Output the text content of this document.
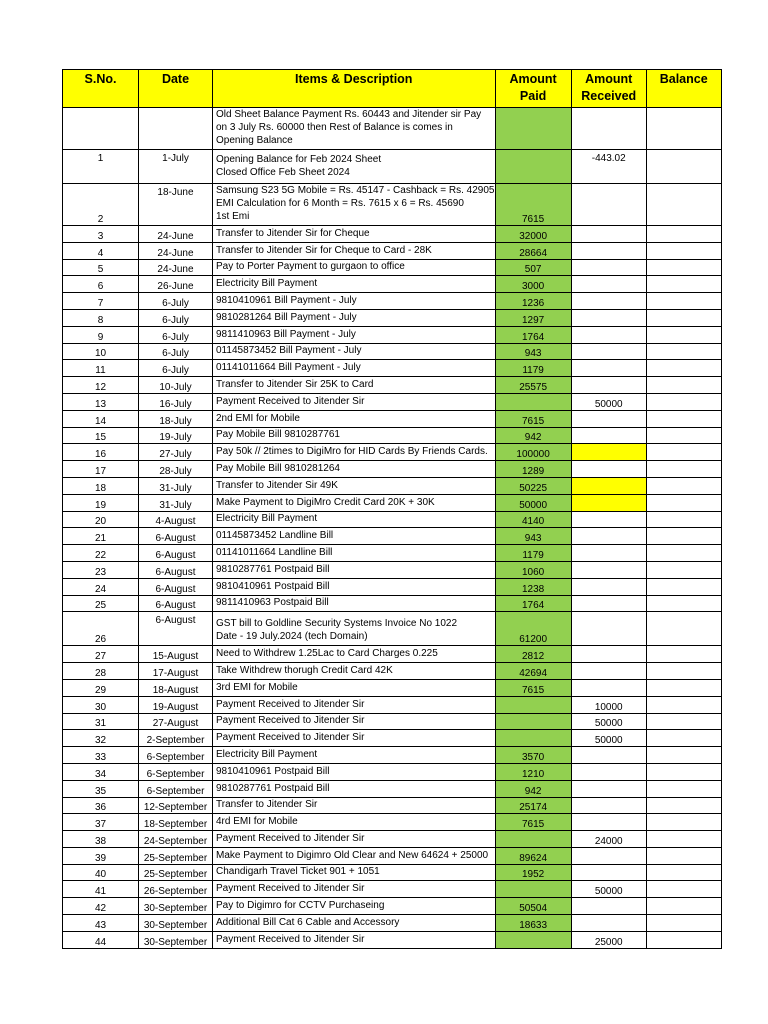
S.No.	Date	Items & Description	Amount Paid	Amount Received	Balance

		Old Sheet Balance Payment Rs. 60443 and Jitender sir Pay
on 3 July Rs. 60000 then Rest of Balance is comes in
Opening Balance			

1	1-July	Opening Balance for Feb 2024 Sheet
Closed Office Feb Sheet 2024		-443.02	
2	18-June	Samsung S23 5G Mobile = Rs. 45147 - Cashback = Rs. 42905
EMI Calculation for 6 Month = Rs. 7615 x 6 = Rs. 45690
1st Emi	7615		
3	24-June	Transfer to Jitender Sir for Cheque	32000		
4	24-June	Transfer to Jitender Sir for Cheque to Card - 28K	28664		
5	24-June	Pay to Porter Payment to gurgaon to office	507		
6	26-June	Electricity Bill Payment	3000		
7	6-July	9810410961 Bill Payment - July	1236		
8	6-July	9810281264 Bill Payment - July	1297		
9	6-July	9811410963 Bill Payment - July	1764		
10	6-July	01145873452 Bill Payment - July	943		
11	6-July	01141011664 Bill Payment - July	1179		
12	10-July	Transfer to Jitender Sir 25K to Card	25575		
13	16-July	Payment Received to Jitender Sir		50000	
14	18-July	2nd EMI for Mobile	7615		
15	19-July	Pay Mobile Bill 9810287761	942		
16	27-July	Pay 50k // 2times to DigiMro for HID Cards By Friends Cards.	100000		
17	28-July	Pay Mobile Bill 9810281264	1289		
18	31-July	Transfer to Jitender Sir 49K	50225		
19	31-July	Make Payment to DigiMro Credit Card 20K + 30K	50000		
20	4-August	Electricity Bill Payment	4140		
21	6-August	01145873452 Landline Bill	943		
22	6-August	01141011664 Landline Bill	1179		
23	6-August	9810287761 Postpaid Bill	1060		
24	6-August	9810410961 Postpaid Bill	1238		
25	6-August	9811410963 Postpaid Bill	1764		
26	6-August	GST bill to Goldline Security Systems Invoice No 1022
Date - 19 July.2024 (tech Domain)	61200		
27	15-August	Need to Withdrew 1.25Lac to Card Charges 0.225	2812		
28	17-August	Take Withdrew thorugh Credit Card 42K	42694		
29	18-August	3rd EMI for Mobile	7615		
30	19-August	Payment Received to Jitender Sir		10000	
31	27-August	Payment Received to Jitender Sir		50000	
32	2-September	Payment Received to Jitender Sir		50000	
33	6-September	Electricity Bill Payment	3570		
34	6-September	9810410961 Postpaid Bill	1210		
35	6-September	9810287761 Postpaid Bill	942		
36	12-September	Transfer to Jitender Sir	25174		
37	18-September	4rd EMI for Mobile	7615		
38	24-September	Payment Received to Jitender Sir		24000	
39	25-September	Make Payment to Digimro Old Clear and New 64624 + 25000	89624		
40	25-September	Chandigarh Travel Ticket 901 + 1051	1952		
41	26-September	Payment Received to Jitender Sir		50000	
42	30-September	Pay to Digimro for CCTV Purchaseing	50504		
43	30-September	Additional Bill Cat 6 Cable and Accessory	18633		
44	30-September	Payment Received to Jitender Sir		25000	
